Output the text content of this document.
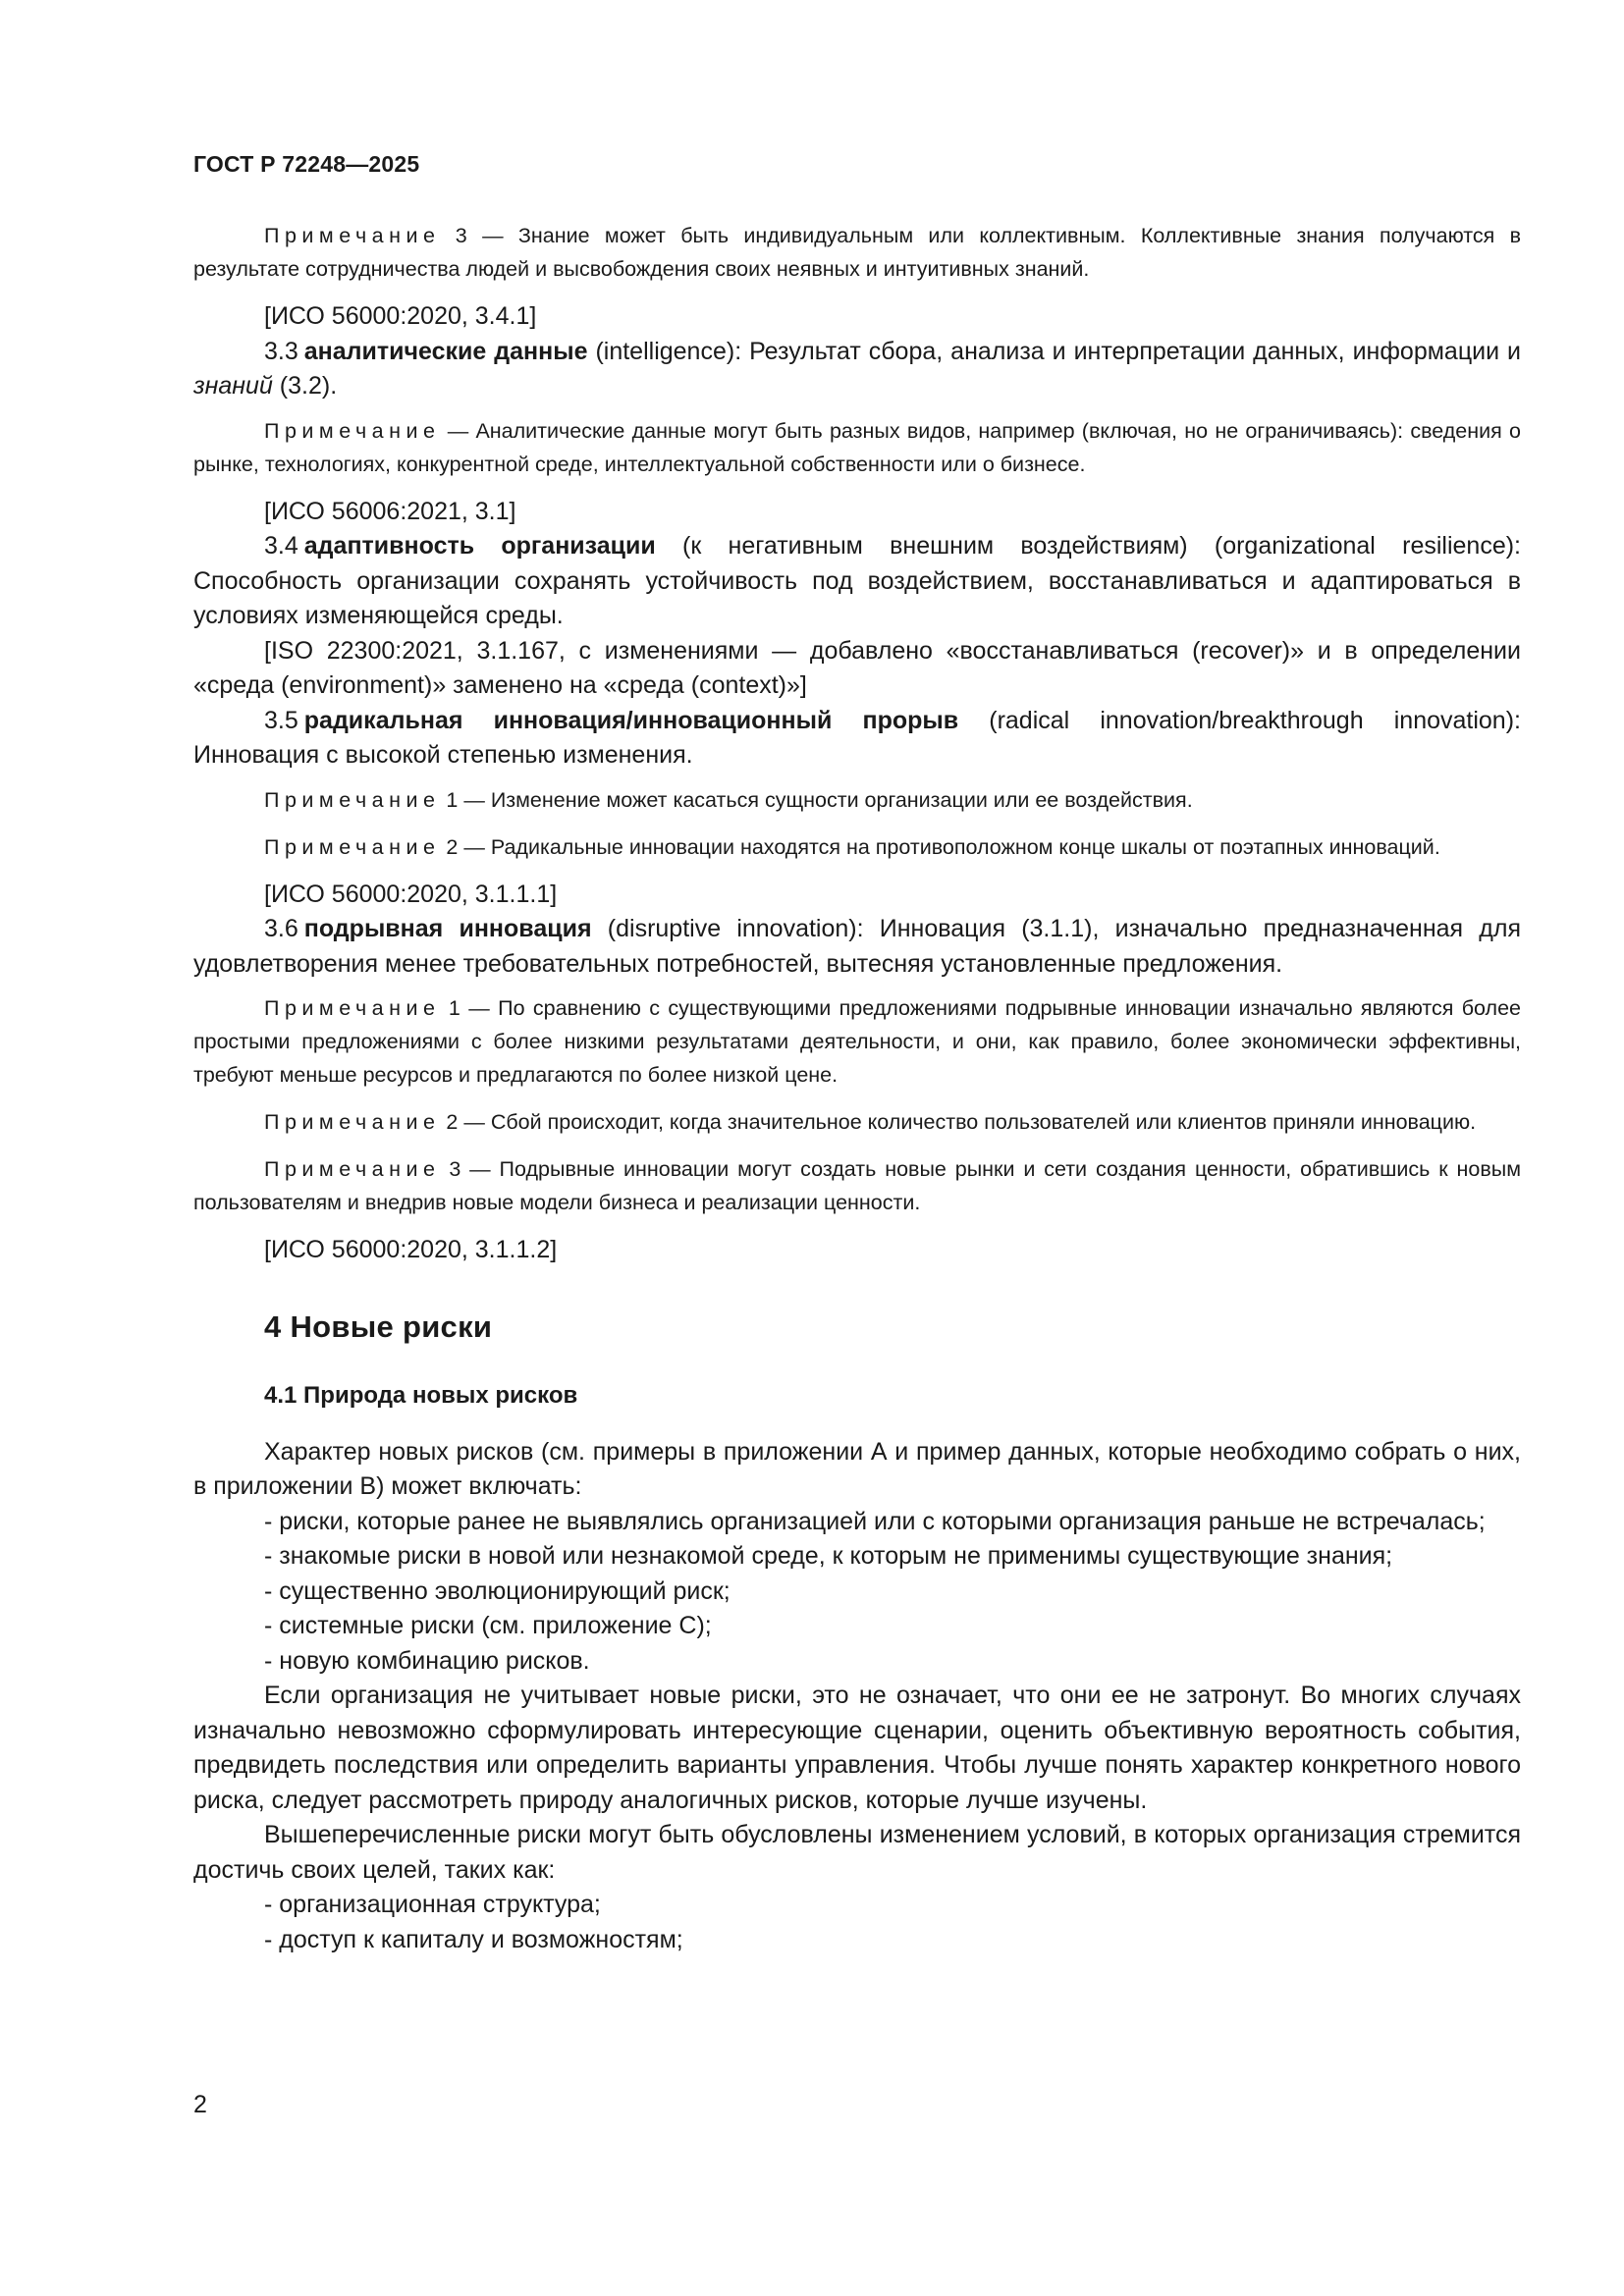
ГОСТ Р 72248—2025

Примечание 3 — Знание может быть индивидуальным или коллективным. Коллективные знания получаются в результате сотрудничества людей и высвобождения своих неявных и интуитивных знаний.

[ИСО 56000:2020, 3.4.1]

3.3 аналитические данные (intelligence): Результат сбора, анализа и интерпретации данных, информации и знаний (3.2).

Примечание — Аналитические данные могут быть разных видов, например (включая, но не ограничиваясь): сведения о рынке, технологиях, конкурентной среде, интеллектуальной собственности или о бизнесе.

[ИСО 56006:2021, 3.1]

3.4 адаптивность организации (к негативным внешним воздействиям) (organizational resilience): Способность организации сохранять устойчивость под воздействием, восстанавливаться и адаптироваться в условиях изменяющейся среды.

[ISO 22300:2021, 3.1.167, с изменениями — добавлено «восстанавливаться (recover)» и в определении «среда (environment)» заменено на «среда (context)»]

3.5 радикальная инновация/инновационный прорыв (radical innovation/breakthrough innovation): Инновация с высокой степенью изменения.

Примечание 1 — Изменение может касаться сущности организации или ее воздействия.

Примечание 2 — Радикальные инновации находятся на противоположном конце шкалы от поэтапных инноваций.

[ИСО 56000:2020, 3.1.1.1]

3.6 подрывная инновация (disruptive innovation): Инновация (3.1.1), изначально предназначенная для удовлетворения менее требовательных потребностей, вытесняя установленные предложения.

Примечание 1 — По сравнению с существующими предложениями подрывные инновации изначально являются более простыми предложениями с более низкими результатами деятельности, и они, как правило, более экономически эффективны, требуют меньше ресурсов и предлагаются по более низкой цене.

Примечание 2 — Сбой происходит, когда значительное количество пользователей или клиентов приняли инновацию.

Примечание 3 — Подрывные инновации могут создать новые рынки и сети создания ценности, обратившись к новым пользователям и внедрив новые модели бизнеса и реализации ценности.

[ИСО 56000:2020, 3.1.1.2]

4 Новые риски

4.1 Природа новых рисков

Характер новых рисков (см. примеры в приложении А и пример данных, которые необходимо собрать о них, в приложении В) может включать:

- риски, которые ранее не выявлялись организацией или с которыми организация раньше не встречалась;

- знакомые риски в новой или незнакомой среде, к которым не применимы существующие знания;

- существенно эволюционирующий риск;

- системные риски (см. приложение С);

- новую комбинацию рисков.

Если организация не учитывает новые риски, это не означает, что они ее не затронут. Во многих случаях изначально невозможно сформулировать интересующие сценарии, оценить объективную вероятность события, предвидеть последствия или определить варианты управления. Чтобы лучше понять характер конкретного нового риска, следует рассмотреть природу аналогичных рисков, которые лучше изучены.

Вышеперечисленные риски могут быть обусловлены изменением условий, в которых организация стремится достичь своих целей, таких как:

- организационная структура;

- доступ к капиталу и возможностям;

2
